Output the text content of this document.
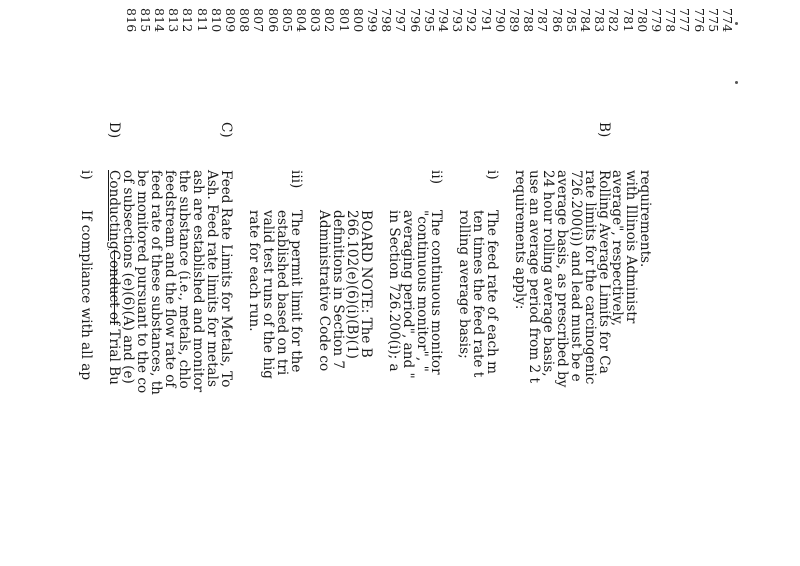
774
775
776
777
778
779
780
781
782
783
784
785
786
787
788
789
790
791
792
793
794
795
796
797
798
799
800
801
802
803
804
805
806
807
808
809
810
811
812
813
814
815
816
average", respectively,
with Illinois Administr
requirements.
B)
Rolling Average Limits for Ca
rate limits for the carcinogenic
726.200(i)) and lead must be e
average basis, as prescribed by
24 hour rolling average basis,
use an average period from 2 t
requirements apply:
i)
The feed rate of each m
ten times the feed rate t
rolling average basis;
ii)
The continuous monitor
"continuous monitor", "
averaging period", and "
in Section 726.200(i); a
BOARD NOTE: The B
266.102(e)(6)(i)(B)(1)
definitions in Section 7
Administrative Code co
iii)
The permit limit for the
established based on tri
valid test runs of the hig
rate for each run.
C)
Feed Rate Limits for Metals, To
Ash. Feed rate limits for metals
ash are established and monitor
the substance (i.e., metals, chlo
feedstream and the flow rate of
feed rate of these substances, th
be monitored pursuant to the co
of subsections (e)(6)(A) and (e)
D)
ConductingConduct of Trial Bu
i)
If compliance with all ap
